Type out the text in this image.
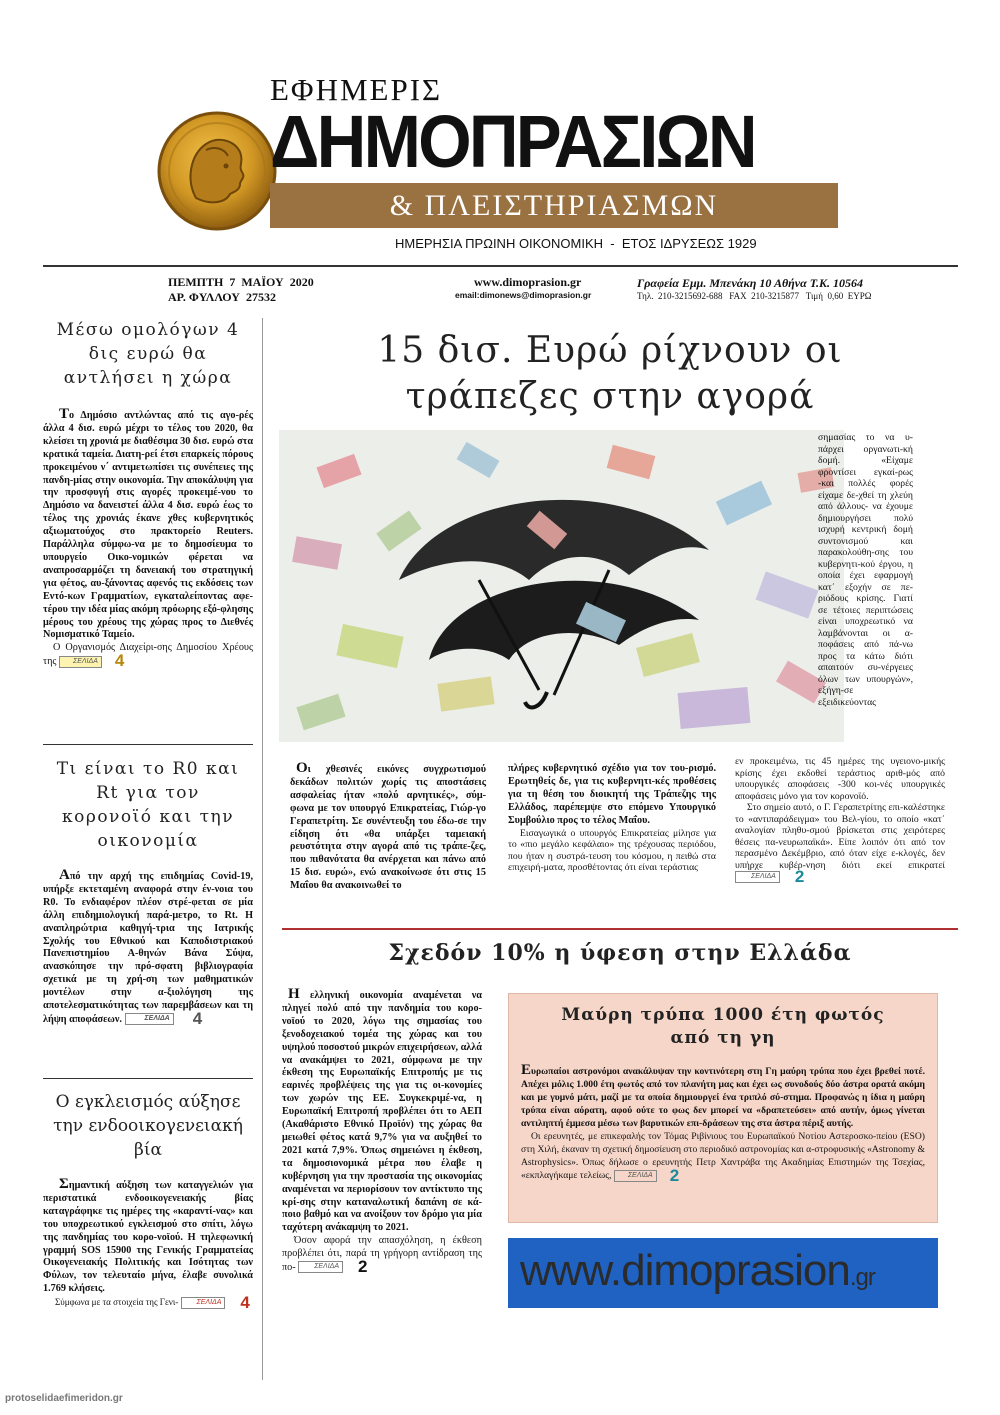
ΕΦΗΜΕΡΙΣ
ΔΗΜΟΠΡΑΣΙΩΝ
& ΠΛΕΙΣΤΗΡΙΑΣΜΩΝ
ΗΜΕΡΗΣΙΑ ΠΡΩΙΝΗ ΟΙΚΟΝΟΜΙΚΗ  -  ΕΤΟΣ ΙΔΡΥΣΕΩΣ 1929
ΠΕΜΠΤΗ  7  ΜΑΪΟΥ  2020
ΑΡ. ΦΥΛΛΟΥ  27532
www.dimoprasion.gr
email:dimonews@dimoprasion.gr
Γραφεία Εμμ. Μπενάκη 10 Αθήνα Τ.Κ. 10564
Τηλ.  210-3215692-688   FAX  210-3215877   Τιμή  0,60  ΕΥΡΩ
Μέσω ομολόγων 4 δις ευρώ θα αντλήσει η χώρα
Το Δημόσιο αντλώντας από τις αγο-ρές άλλα 4 δισ. ευρώ μέχρι το τέλος του 2020, θα κλείσει τη χρονιά με διαθέσιμα 30 δισ. ευρώ στα κρατικά ταμεία. Διατη-ρεί έτσι επαρκείς πόρους προκειμένου ν΄ αντιμετωπίσει τις συνέπειες της πανδη-μίας στην οικονομία. Την αποκάλυψη για την προσφυγή στις αγορές προκειμέ-νου το Δημόσιο να δανειστεί άλλα 4 δισ. ευρώ έως το τέλος της χρονιάς έκανε χθες κυβερνητικός αξιωματούχος στο πρακτορείο Reuters. Παράλληλα σύμφω-να με το δημοσίευμα το υπουργείο Οικο-νομικών φέρεται να αναπροσαρμόζει τη δανειακή του στρατηγική για φέτος, αυ-ξάνοντας αφενός τις εκδόσεις των Εντό-κων Γραμματίων, εγκαταλείποντας αφε-τέρου την ιδέα μίας ακόμη πρόωρης εξό-φλησης μέρους του χρέους της χώρας προς το Διεθνές Νομισματικό Ταμείο.
Ο Οργανισμός Διαχείρι-σης Δημοσίου Χρέους της	ΣΕΛΙΔΑ	4
Τι είναι το R0 και Rt για τον κορονοϊό και την οικονομία
Από την αρχή της επιδημίας Covid-19, υπήρξε εκτεταμένη αναφορά στην έν-νοια του R0. Το ενδιαφέρον πλέον στρέ-φεται σε μία άλλη επιδημιολογική παρά-μετρο, το Rt. Η αναπληρώτρια καθηγή-τρια της Ιατρικής Σχολής του Εθνικού και Καποδιστριακού Πανεπιστημίου Α-θηνών Βάνα Σύψα, ανασκόπησε την πρό-σφατη βιβλιογραφία σχετικά με τη χρή-ση των μαθηματικών μοντέλων στην α-ξιολόγηση της αποτελεσματικότητας των παρεμβάσεων και τη λήψη αποφάσεων.	ΣΕΛΙΔΑ	4
Ο εγκλεισμός αύξησε την ενδοοικογενειακή βία
Σημαντική αύξηση των καταγγελιών για περιστατικά ενδοοικογενειακής βίας καταγράφηκε τις ημέρες της «καραντί-νας» και του υποχρεωτικού εγκλεισμού στο σπίτι, λόγω της πανδημίας του κορο-νοϊού. Η τηλεφωνική γραμμή SOS 15900 της Γενικής Γραμματείας Οικογενειακής Πολιτικής και Ισότητας των Φύλων, τον τελευταίο μήνα, έλαβε συνολικά 1.769 κλήσεις.
Σύμφωνα με τα στοιχεία της Γενι-	ΣΕΛΙΔΑ	4
15 δισ. Ευρώ ρίχνουν οι
τράπεζες στην αγορά
σημασίας το να υ-πάρχει οργανωτι-κή δομή. «Είχαμε φροντίσει εγκαί-ρως -και πολλές φορές είχαμε δε-χθεί τη χλεύη από άλλους- να έχουμε δημιουργήσει πολύ ισχυρή κεντρική δομή συντονισμού και παρακολούθη-σης του κυβερνητι-κού έργου, η οποία έχει εφαρμογή κατ΄ εξοχήν σε πε-ριόδους κρίσης. Γιατί σε τέτοιες περιπτώσεις είναι υποχρεωτικό να λαμβάνονται οι α-ποφάσεις από πά-νω προς τα κάτω διότι απαιτούν συ-νέργειες όλων των υπουργών», εξήγη-σε εξειδικεύοντας
Οι χθεσινές εικόνες συγχρωτισμού δεκάδων πολιτών χωρίς τις αποστάσεις ασφαλείας ήταν «πολύ αρνητικές», σύμ-φωνα με τον υπουργό Επικρατείας, Γιώρ-γο Γεραπετρίτη. Σε συνέντευξη του έδω-σε την είδηση ότι «θα υπάρξει ταμειακή ρευστότητα στην αγορά από τις τράπε-ζες, που πιθανότατα θα ανέρχεται και πάνω από 15 δισ. ευρώ», ενώ ανακοίνωσε ότι στις 15 Μαΐου θα ανακοινωθεί το
πλήρες κυβερνητικό σχέδιο για τον του-ρισμό. Ερωτηθείς δε, για τις κυβερνητι-κές προθέσεις για τη θέση του διοικητή της Τράπεζης της Ελλάδος, παρέπεμψε στο επόμενο Υπουργικό Συμβούλιο προς το τέλος Μαΐου.
Εισαγωγικά ο υπουργός Επικρατείας μίλησε για το «πιο μεγάλο κεφάλαιο» της τρέχουσας περιόδου, που ήταν η συστρά-τευση του κόσμου, η πειθώ στα επιχειρή-ματα, προσθέτοντας ότι είναι τεράστιας
εν προκειμένω, τις 45 ημέρες της υγειονο-μικής κρίσης έχει εκδοθεί τεράστιος αριθ-μός από υπουργικές αποφάσεις -300 κοι-νές υπουργικές αποφάσεις μόνο για τον κορονοϊό.
Στο σημείο αυτό, ο Γ. Γεραπετρίτης επι-καλέστηκε το «αντιπαράδειγμα» του Βελ-γίου, το οποίο «κατ΄ αναλογίαν πληθυ-σμού βρίσκεται στις χειρότερες θέσεις πα-νευρωπαϊκά». Είπε λοιπόν ότι από τον περασμένο Δεκέμβριο, από όταν είχε ε-κλογές, δεν υπήρχε κυβέρ-νηση διότι εκεί επικρατεί
ΣΕΛΙΔΑ	2
Σχεδόν 10% η ύφεση στην Ελλάδα
Η ελληνική οικονομία αναμένεται να πληγεί πολύ από την πανδημία του κορο-νοϊού το 2020, λόγω της σημασίας του ξενοδοχειακού τομέα της χώρας και του υψηλού ποσοστού μικρών επιχειρήσεων, αλλά να ανακάμψει το 2021, σύμφωνα με την έκθεση της Ευρωπαϊκής Επιτροπής με τις εαρινές προβλέψεις της για τις οι-κονομίες των χωρών της ΕΕ. Συγκεκριμέ-να, η Ευρωπαϊκή Επιτροπή προβλέπει ότι το ΑΕΠ (Ακαθάριστο Εθνικό Προϊόν) της χώρας θα μειωθεί φέτος κατά 9,7% για να αυξηθεί το 2021 κατά 7,9%. Όπως σημειώνει η έκθεση, τα δημοσιονομικά μέτρα που έλαβε η κυβέρνηση για την προστασία της οικονομίας αναμένεται να περιορίσουν τον αντίκτυπο της κρί-σης στην καταναλωτική δαπάνη σε κά-ποιο βαθμό και να ανοίξουν τον δρόμο για μία ταχύτερη ανάκαμψη το 2021.
Όσον αφορά την απασχόληση, η έκθεση προβλέπει ότι, παρά τη γρήγορη αντίδραση της πο-	ΣΕΛΙΔΑ	2
Μαύρη τρύπα 1000 έτη φωτός
από τη γη
Ευρωπαίοι αστρονόμοι ανακάλυψαν την κοντινότερη στη Γη μαύρη τρύπα που έχει βρεθεί ποτέ. Απέχει μόλις 1.000 έτη φωτός από τον πλανήτη μας και έχει ως συνοδούς δύο άστρα ορατά ακόμη και με γυμνό μάτι, μαζί με τα οποία δημιουργεί ένα τριπλό σύ-στημα. Προφανώς η ίδια η μαύρη τρύπα είναι αόρατη, αφού ούτε το φως δεν μπορεί να «δραπετεύσει» από αυτήν, όμως γίνεται αντιληπτή έμμεσα μέσω των βαρυτικών επι-δράσεων της στα άστρα πέριξ αυτής.
Οι ερευνητές, με επικεφαλής τον Τόμας Ριβίνιους του Ευρωπαϊκού Νοτίου Αστεροσκο-πείου (ESO) στη Χιλή, έκαναν τη σχετική δημοσίευση στο περιοδικό αστρονομίας και α-στροφυσικής «Astronomy & Astrophysics». Όπως δήλωσε ο ερευνητής Πετρ Χαντράβα της Ακαδημίας Επιστημών της Τσεχίας, «εκπλαγήκαμε τελείως,	ΣΕΛΙΔΑ	2
www.dimoprasion.gr
protoselidaefimeridon.gr
